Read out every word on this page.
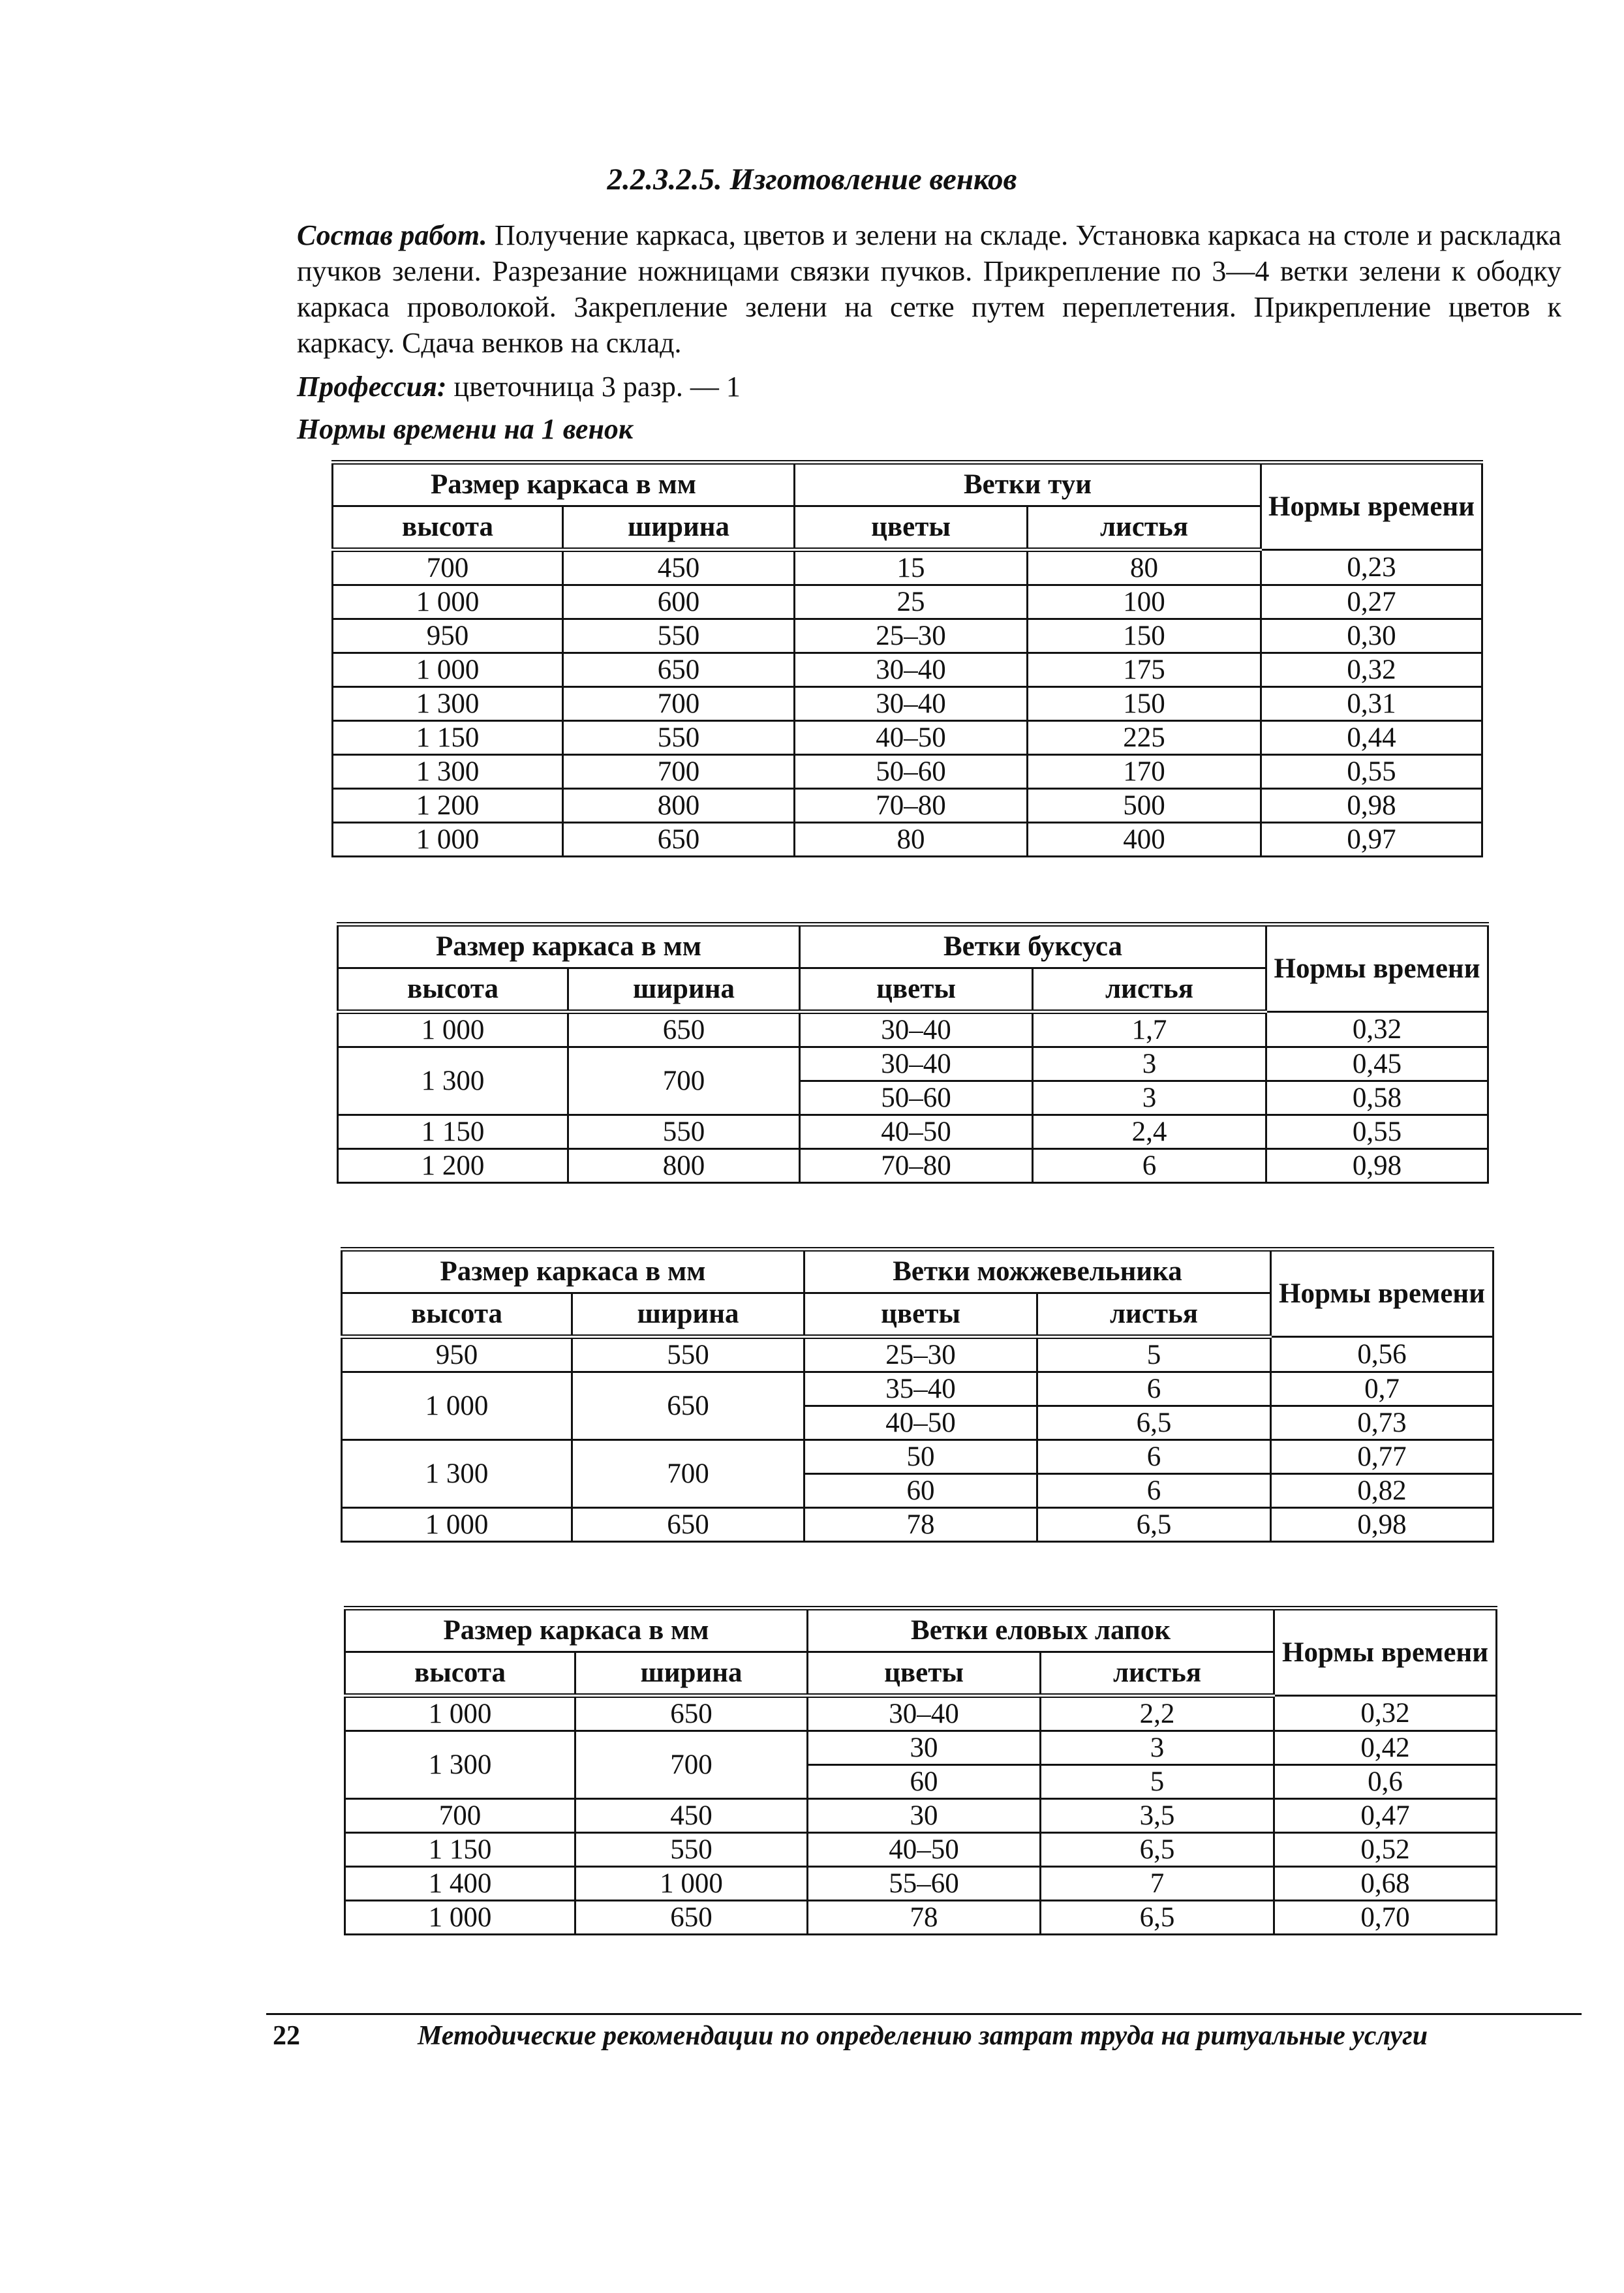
2.2.3.2.5. Изготовление венков
Состав работ. Получение каркаса, цветов и зелени на складе. Установка каркаса на столе и раскладка пучков зелени. Разрезание ножницами связки пучков. Прикрепление по 3—4 ветки зелени к ободку каркаса проволокой. Закрепление зелени на сетке путем переплетения. Прикрепление цветов к каркасу. Сдача венков на склад.
Профессия: цветочница 3 разр. — 1
Нормы времени на 1 венок
Размер каркаса в мм		Ветки туи		Нормы времени
высота	ширина	цветы	листья	
700	450	15	80	0,23
1 000	600	25	100	0,27
950	550	25–30	150	0,30
1 000	650	30–40	175	0,32
1 300	700	30–40	150	0,31
1 150	550	40–50	225	0,44
1 300	700	50–60	170	0,55
1 200	800	70–80	500	0,98
1 000	650	80	400	0,97
Размер каркаса в мм		Ветки буксуса		Нормы времени
высота	ширина	цветы	листья	
1 000	650	30–40	1,7	0,32
1 300	700	30–40	3	0,45
		50–60	3	0,58
1 150	550	40–50	2,4	0,55
1 200	800	70–80	6	0,98
Размер каркаса в мм		Ветки можжевельника		Нормы времени
высота	ширина	цветы	листья	
950	550	25–30	5	0,56
1 000	650	35–40	6	0,7
		40–50	6,5	0,73
1 300	700	50	6	0,77
		60	6	0,82
1 000	650	78	6,5	0,98
Размер каркаса в мм		Ветки еловых лапок		Нормы времени
высота	ширина	цветы	листья	
1 000	650	30–40	2,2	0,32
1 300	700	30	3	0,42
		60	5	0,6
700	450	30	3,5	0,47
1 150	550	40–50	6,5	0,52
1 400	1 000	55–60	7	0,68
1 000	650	78	6,5	0,70
22	Методические рекомендации по определению затрат труда на ритуальные услуги
